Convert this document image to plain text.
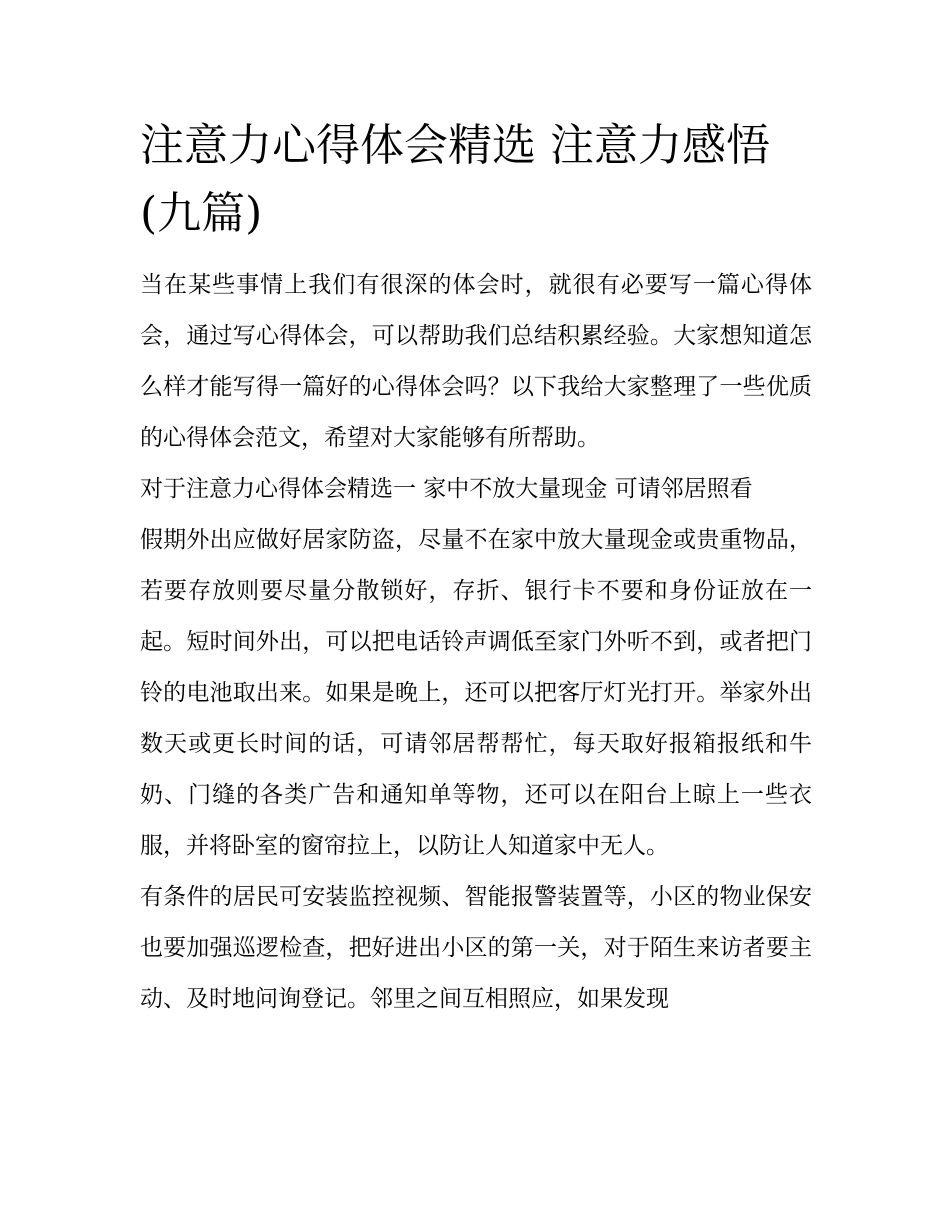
注意力心得体会精选 注意力感悟(九篇)

当在某些事情上我们有很深的体会时，就很有必要写一篇心得体会，通过写心得体会，可以帮助我们总结积累经验。大家想知道怎么样才能写得一篇好的心得体会吗？以下我给大家整理了一些优质的心得体会范文，希望对大家能够有所帮助。

对于注意力心得体会精选一 家中不放大量现金 可请邻居照看

假期外出应做好居家防盗，尽量不在家中放大量现金或贵重物品，若要存放则要尽量分散锁好，存折、银行卡不要和身份证放在一起。短时间外出，可以把电话铃声调低至家门外听不到，或者把门铃的电池取出来。如果是晚上，还可以把客厅灯光打开。举家外出数天或更长时间的话，可请邻居帮帮忙，每天取好报箱报纸和牛奶、门缝的各类广告和通知单等物，还可以在阳台上晾上一些衣服，并将卧室的窗帘拉上，以防让人知道家中无人。

有条件的居民可安装监控视频、智能报警装置等，小区的物业保安也要加强巡逻检查，把好进出小区的第一关，对于陌生来访者要主动、及时地问询登记。邻里之间互相照应，如果发现
